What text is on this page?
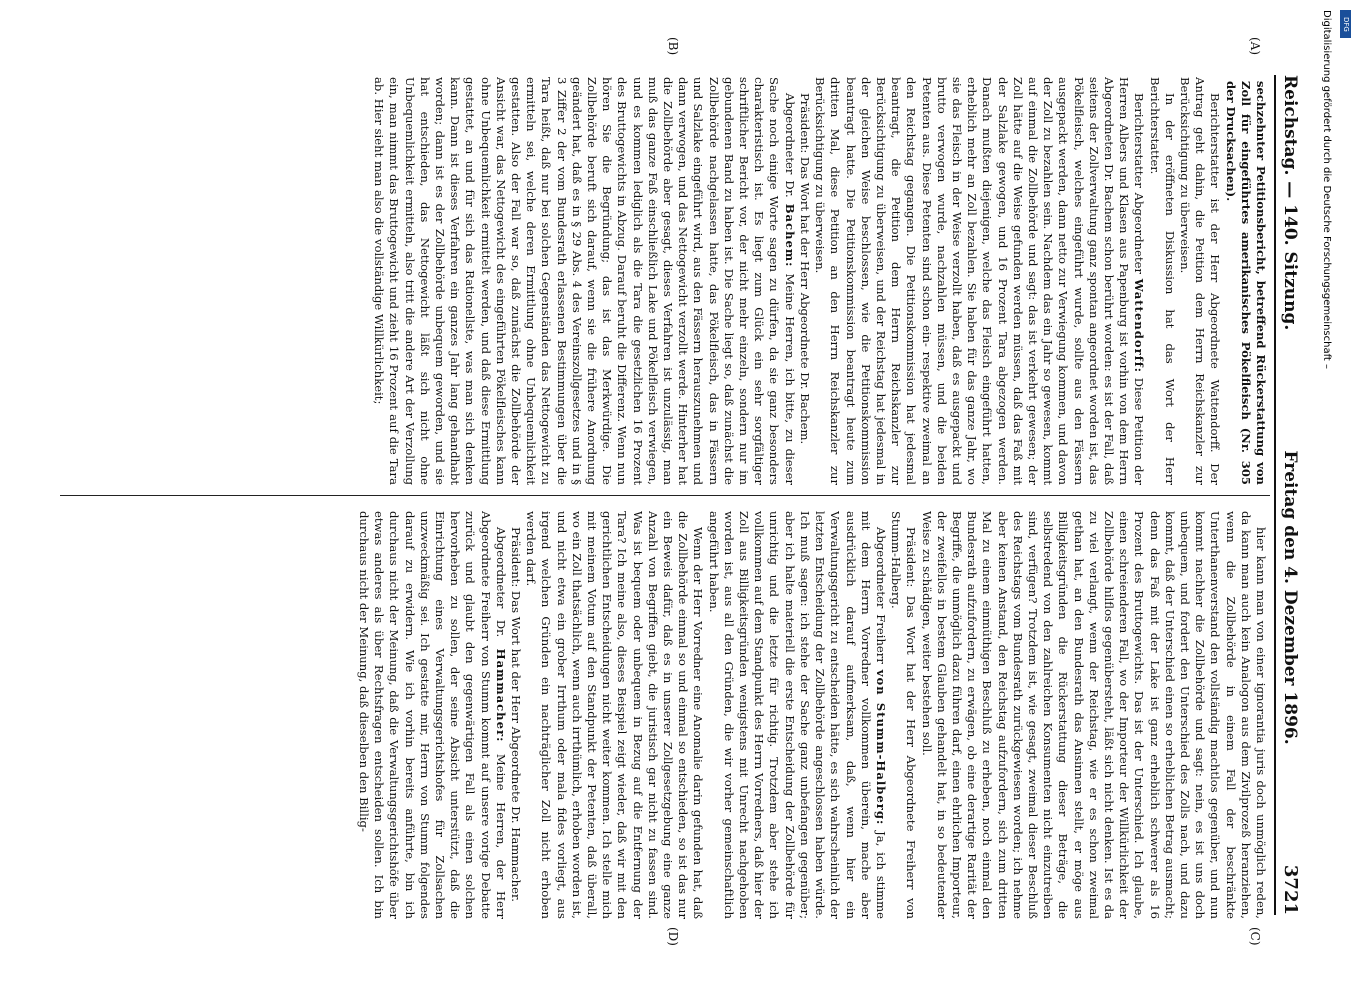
Reichstag. — 140. Sitzung.
Freitag den 4. Dezember 1896.
3721
(A)
(B)
(C)
(D)

sechzehnter Petitionsbericht, betreffend Rückerstattung von Zoll für eingeführtes amerikanisches Pökelfleisch (Nr. 305 der Drucksachen).

Berichterstatter ist der Herr Abgeordnete Wattendorff. Der Antrag geht dahin, die Petition dem Herrn Reichskanzler zur Berücksichtigung zu überweisen.

In der eröffneten Diskussion hat das Wort der Herr Berichterstatter.

Berichterstatter Abgeordneter Wattendorff: Diese Petition der Herren Albers und Klasen aus Papenburg ist vorhin von dem Herrn Abgeordneten Dr. Bachem schon berührt worden: es ist der Fall, daß seitens der Zollverwaltung ganz spontan angeordnet worden ist, das Pökelfleisch, welches eingeführt wurde, sollte aus den Fässern ausgepackt werden, dann netto zur Verwiegung kommen, und davon der Zoll zu bezahlen sein. Nachdem das ein Jahr so gewesen, kommt auf einmal die Zollbehörde und sagt: das ist verkehrt gewesen; der Zoll hätte auf die Weise gefunden werden müssen, daß das Faß mit der Salzlake gewogen, und 16 Prozent Tara abgezogen werden. Danach mußten diejenigen, welche das Fleisch eingeführt hatten, erheblich mehr an Zoll bezahlen. Sie haben für das ganze Jahr, wo sie das Fleisch in der Weise verzollt haben, daß es ausgepackt und brutto verwogen wurde, nachzahlen müssen, und die beiden Petenten aus. Diese Petenten sind schon ein- respektive zweimal an den Reichstag gegangen. Die Petitionskommission hat jedesmal beantragt, die Petition dem Herrn Reichskanzler zur Berücksichtigung zu überweisen, und der Reichstag hat jedesmal in der gleichen Weise beschlossen, wie die Petitionskommission beantragt hatte. Die Petitionskommission beantragt heute zum dritten Mal, diese Petition an den Herrn Reichskanzler zur Berücksichtigung zu überweisen.

Präsident: Das Wort hat der Herr Abgeordnete Dr. Bachem.

Abgeordneter Dr. Bachem: Meine Herren, ich bitte, zu dieser Sache noch einige Worte sagen zu dürfen, da sie ganz besonders charakteristisch ist. Es liegt zum Glück ein sehr sorgfältiger schriftlicher Bericht vor, der nicht mehr einzeln, sondern nur im gebundenen Band zu haben ist. Die Sache liegt so, daß zunächst die Zollbehörde nachgelassen hatte, das Pökelfleisch, das in Fässern und Salzlake eingeführt wird, aus den Fässern herauszunehmen und dann verwogen, und das Nettogewicht verzollt werde. Hinterher hat die Zollbehörde aber gesagt, dieses Verfahren ist unzulässig, man muß das ganze Faß einschließlich Lake und Pökelfleisch verwiegen, und es kommen lediglich als die Tara die gesetzlichen 16 Prozent des Bruttogewichts in Abzug. Darauf beruht die Differenz. Wenn nun hören Sie die Begründung; das ist das Merkwürdige. Die Zollbehörde beruft sich darauf, wenn sie die frühere Anordnung geändert hat, daß es in § 29 Abs. 4 des Vereinszollgesetzes und in § 3 Ziffer 2 der vom Bundesrath erlassenen Bestimmungen über die Tara heißt, daß nur bei solchen Gegenständen das Nettogewicht zu ermitteln sei, welche deren Ermittlung ohne Unbequemlichkeit gestatten. Also der Fall war so, daß zunächst die Zollbehörde der Ansicht war, das Nettogewicht des eingeführten Pökelfleisches kann ohne Unbequemlichkeit ermittelt werden, und daß diese Ermittlung gestattet, an und für sich das Rationellste, was man sich denken kann. Dann ist dieses Verfahren ein ganzes Jahr lang gehandhabt worden; dann ist es der Zollbehörde unbequem geworden, und sie hat entschieden, das Nettogewicht läßt sich nicht ohne Unbequemlichkeit ermitteln, also tritt die andere Art der Verzollung ein, man nimmt das Bruttogewicht und zieht 16 Prozent auf die Tara ab. Hier sieht man also die vollständige Willkürlichkeit;

hier kann man von einer ignorantia juris doch unmöglich reden, da kann man auch kein Analogon aus dem Zivilprozeß heranziehen, wenn die Zollbehörde in einem Fall der beschränkte Unterthanenverstand den vollständig machtlos gegenüber, und nun kommt nachher die Zollbehörde und sagt: nein, es ist uns doch unbequem, und fordert den Unterschied des Zolls nach, und dazu kommt, daß der Unterschied einen so erheblichen Betrag ausmacht; denn das Faß mit der Lake ist ganz erheblich schwerer als 16 Prozent des Bruttogewichts. Das ist der Unterschied. Ich glaube, einen schreienderen Fall, wo der Importeur der Willkürlichkeit der Zollbehörde hilflos gegenübersteht, läßt sich nicht denken. Ist es da zu viel verlangt, wenn der Reichstag, wie er es schon zweimal gethan hat, an den Bundesrath das Ansinnen stellt, er möge aus Billigkeitsgründen die Rückerstattung dieser Beträge, die selbstredend von den zahlreichen Konsumenten nicht einzutreiben sind, verfügen? Trotzdem ist, wie gesagt, zweimal dieser Beschluß des Reichstags vom Bundesrath zurückgewiesen worden; ich nehme aber keinen Anstand, den Reichstag aufzufordern, sich zum dritten Mal zu einem einmüthigen Beschluß zu erheben, noch einmal den Bundesrath aufzufordern, zu erwägen, ob eine derartige Rarität der Begriffe, die unmöglich dazu führen darf, einen ehrlichen Importeur, der zweifellos in bestem Glauben gehandelt hat, in so bedeutender Weise zu schädigen, weiter bestehen soll.

Präsident: Das Wort hat der Herr Abgeordnete Freiherr von Stumm-Halberg.

Abgeordneter Freiherr von Stumm-Halberg: Ja, ich stimme mit dem Herrn Vorredner vollkommen überein, mache aber ausdrücklich darauf aufmerksam, daß, wenn hier ein Verwaltungsgericht zu entscheiden hätte, es sich wahrscheinlich der letzten Entscheidung der Zollbehörde angeschlossen haben würde. Ich muß sagen: ich stehe der Sache ganz unbefangen gegenüber; aber ich halte materiell die erste Entscheidung der Zollbehörde für unrichtig und die letzte für richtig. Trotzdem aber stehe ich vollkommen auf dem Standpunkt des Herrn Vorredners, daß hier der Zoll aus Billigkeitsgründen wenigstens mit Unrecht nachgehoben worden ist, aus all den Gründen, die wir vorher gemeinschaftlich angeführt haben.

Wenn der Herr Vorredner eine Anomalie darin gefunden hat, daß die Zollbehörde einmal so und einmal so entschieden, so ist das nur ein Beweis dafür, daß es in unserer Zollgesetzgebung eine ganze Anzahl von Begriffen giebt, die juristisch gar nicht zu fassen sind. Was ist bequem oder unbequem in Bezug auf die Entfernung der Tara? Ich meine also, dieses Beispiel zeigt wieder, daß wir mit den gerichtlichen Entscheidungen nicht weiter kommen. Ich stelle mich mit meinem Votum auf den Standpunkt der Petenten, daß überall, wo ein Zoll thatsächlich, wenn auch irrthümlich, erhoben worden ist, und nicht etwa ein grober Irrthum oder mala fides vorliegt, aus irgend welchen Gründen ein nachträglicher Zoll nicht erhoben werden darf.

Präsident: Das Wort hat der Herr Abgeordnete Dr. Hammacher.

Abgeordneter Dr. Hammacher: Meine Herren, der Herr Abgeordnete Freiherr von Stumm kommt auf unsere vorige Debatte zurück und glaubt den gegenwärtigen Fall als einen solchen hervorheben zu sollen, der seine Absicht unterstützt, daß die Einrichtung eines Verwaltungsgerichtshofes für Zollsachen unzweckmäßig sei. Ich gestatte mir, Herrn von Stumm folgendes darauf zu erwidern. Wie ich vorhin bereits anführte, bin ich durchaus nicht der Meinung, daß die Verwaltungsgerichtshöfe über etwas anderes als über Rechtsfragen entscheiden sollen. Ich bin durchaus nicht der Meinung, daß dieselben den Billig-

Digitalisierung gefördert durch die Deutsche Forschungsgemeinschaft – DFG
